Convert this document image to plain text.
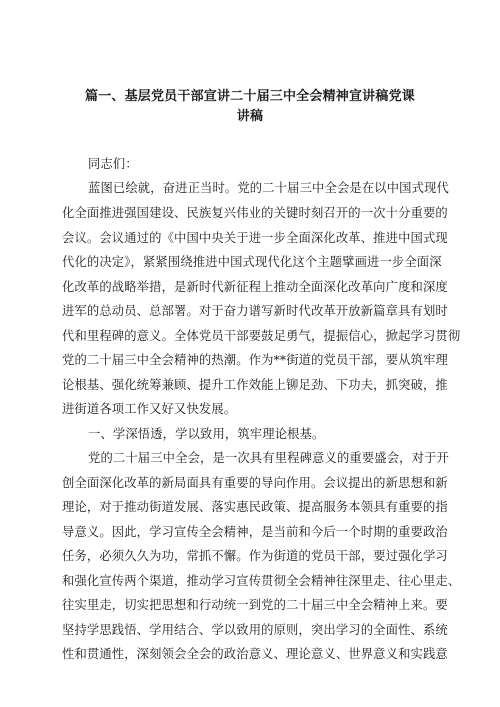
篇一、基层党员干部宣讲二十届三中全会精神宣讲稿党课
讲稿
同志们：
蓝图已绘就，奋进正当时。党的二十届三中全会是在以中国式现代
化全面推进强国建设、民族复兴伟业的关键时刻召开的一次十分重要的
会议。会议通过的《中国中央关于进一步全面深化改革、推进中国式现
代化的决定》，紧紧围绕推进中国式现代化这个主题擘画进一步全面深
化改革的战略举措，是新时代新征程上推动全面深化改革向广度和深度
进军的总动员、总部署。对于奋力谱写新时代改革开放新篇章具有划时
代和里程碑的意义。全体党员干部要鼓足勇气，提振信心，掀起学习贯彻
党的二十届三中全会精神的热潮。作为**街道的党员干部，要从筑牢理
论根基、强化统筹兼顾、提升工作效能上铆足劲、下功夫，抓突破，推
进街道各项工作又好又快发展。
一、学深悟透，学以致用，筑牢理论根基。
党的二十届三中全会，是一次具有里程碑意义的重要盛会，对于开
创全面深化改革的新局面具有重要的导向作用。会议提出的新思想和新
理论，对于推动街道发展、落实惠民政策、提高服务本领具有重要的指
导意义。因此，学习宣传全会精神，是当前和今后一个时期的重要政治
任务，必须久久为功，常抓不懈。作为街道的党员干部，要过强化学习
和强化宣传两个渠道，推动学习宣传贯彻全会精神往深里走、往心里走、
往实里走，切实把思想和行动统一到党的二十届三中全会精神上来。要
坚持学思践悟、学用结合、学以致用的原则，突出学习的全面性、系统
性和贯通性，深刻领会全会的政治意义、理论意义、世界意义和实践意
